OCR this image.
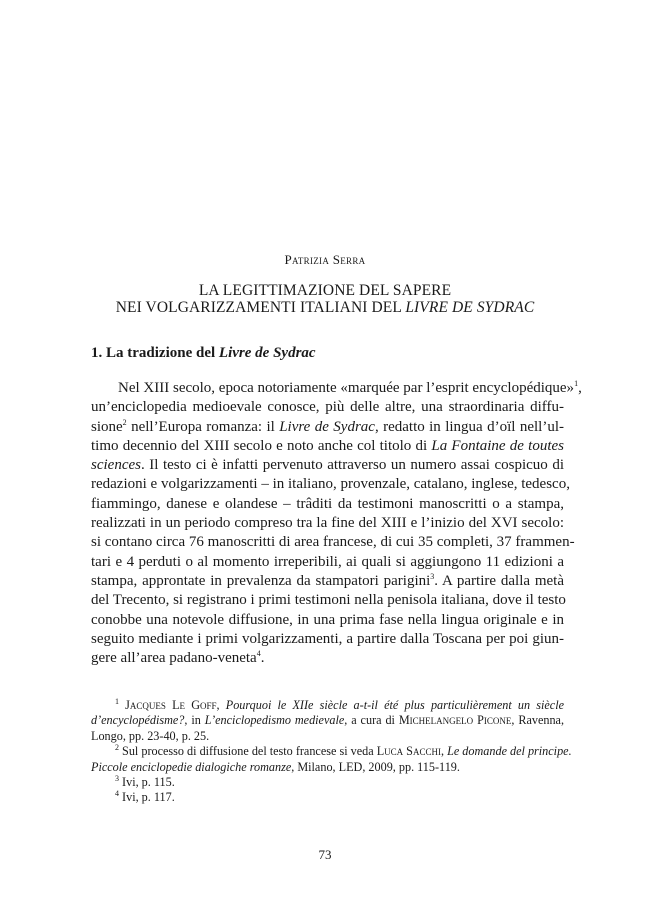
Patrizia Serra
LA LEGITTIMAZIONE DEL SAPERE
NEI VOLGARIZZAMENTI ITALIANI DEL LIVRE DE SYDRAC
1. La tradizione del Livre de Sydrac
Nel XIII secolo, epoca notoriamente «marquée par l’esprit encyclopédique»$^1$,
un’enciclopedia medioevale conosce, più delle altre, una straordinaria diffu-
sione$^2$ nell’Europa romanza: il Livre de Sydrac, redatto in lingua d’oïl nell’ul-
timo decennio del XIII secolo e noto anche col titolo di La Fontaine de toutes
sciences. Il testo ci è infatti pervenuto attraverso un numero assai cospicuo di
redazioni e volgarizzamenti – in italiano, provenzale, catalano, inglese, tedesco,
fiammingo, danese e olandese – trâditi da testimoni manoscritti o a stampa,
realizzati in un periodo compreso tra la fine del XIII e l’inizio del XVI secolo:
si contano circa 76 manoscritti di area francese, di cui 35 completi, 37 frammen-
tari e 4 perduti o al momento irreperibili, ai quali si aggiungono 11 edizioni a
stampa, approntate in prevalenza da stampatori parigini$^3$. A partire dalla metà
del Trecento, si registrano i primi testimoni nella penisola italiana, dove il testo
conobbe una notevole diffusione, in una prima fase nella lingua originale e in
seguito mediante i primi volgarizzamenti, a partire dalla Toscana per poi giun-
gere all’area padano-veneta$^4$.
$^1$ Jacques Le Goff, Pourquoi le XIIe siècle a-t-il été plus particulièrement un siècle
d’encyclopédisme?, in L’enciclopedismo medievale, a cura di Michelangelo Picone, Ravenna,
Longo, pp. 23-40, p. 25.
$^2$ Sul processo di diffusione del testo francese si veda Luca Sacchi, Le domande del principe.
Piccole enciclopedie dialogiche romanze, Milano, LED, 2009, pp. 115-119.
$^3$ Ivi, p. 115.
$^4$ Ivi, p. 117.
73
